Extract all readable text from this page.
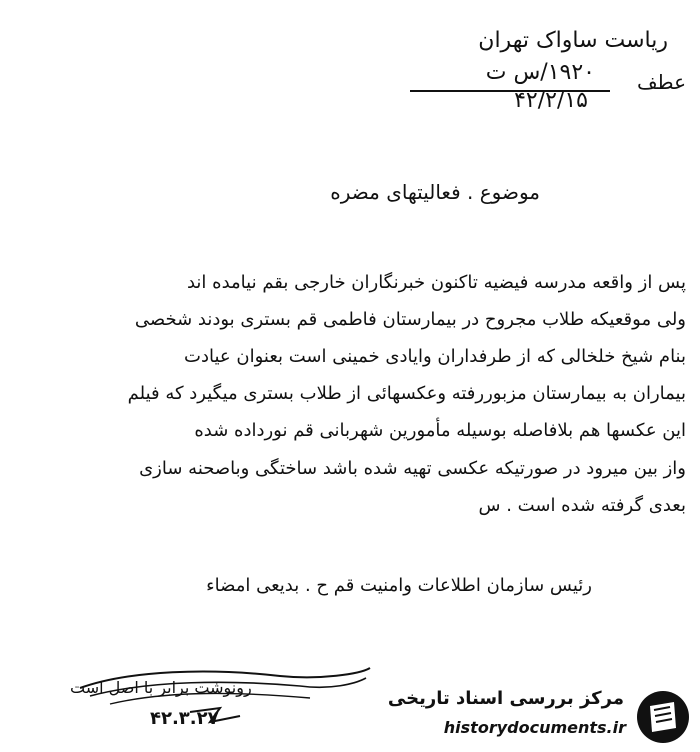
ریاست ساواک تهران
عطف
۱۹۲۰/س ت
۴۲/۲/۱۵
موضوع . فعالیتهای مضره
پس از واقعه مدرسه فیضیه تاکنون خبرنگاران خارجی بقم نیامده اند
ولی موقعیکه طلاب مجروح در بیمارستان فاطمی قم بستری بودند شخصی
بنام شیخ خلخالی که از طرفداران وایادی خمینی است بعنوان عیادت
بیماران به بیمارستان مزبوررفته وعکسهائی از طلاب بستری میگیرد که فیلم
این عکسها هم بلافاصله بوسیله مأمورین شهربانی قم نورداده شده
واز بین میرود در صورتیکه عکسی تهیه شده باشد ساختگی وباصحنه سازی
بعدی گرفته شده است . س
رئیس سازمان اطلاعات وامنیت قم ح . بدیعی امضاء
رونوشت برابر با اصل است
۴۲.۳.۲۷
مرکز بررسی اسناد تاریخی
historydocuments.ir
